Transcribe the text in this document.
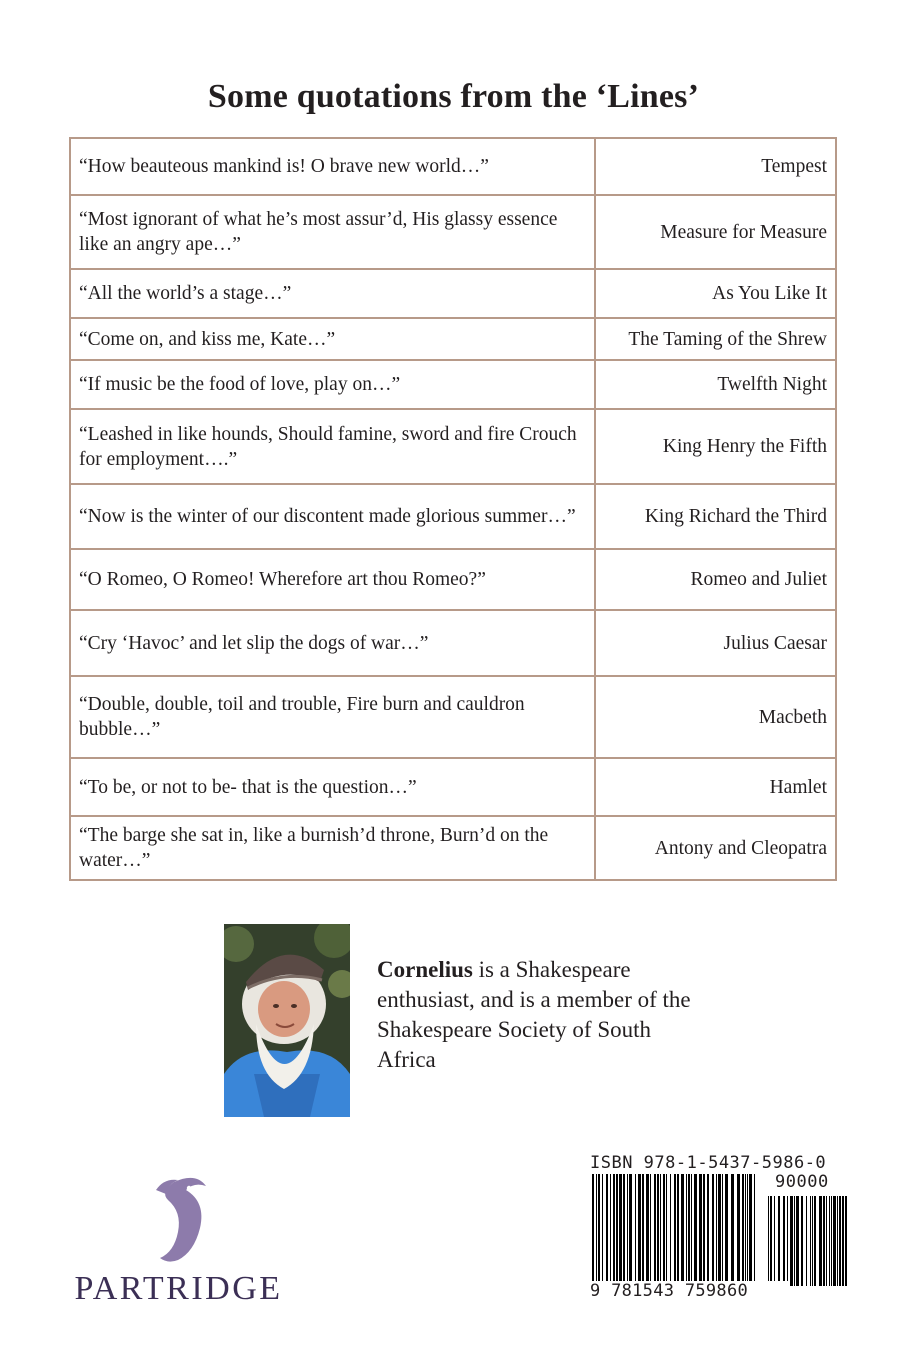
Some quotations from the ‘Lines’
“How beauteous mankind is! O brave new world…”	Tempest
“Most ignorant of what he’s most assur’d, His glassy essence like an angry ape…”	Measure for Measure
“All the world’s a stage…”	As You Like It
“Come on, and kiss me, Kate…”	The Taming of the Shrew
“If music be the food of love, play on…”	Twelfth Night
“Leashed in like hounds, Should famine, sword and fire Crouch for employment….”	King Henry the Fifth
“Now is the winter of our discontent made glorious summer…”	King Richard the Third
“O Romeo, O Romeo! Wherefore art thou Romeo?”	Romeo and Juliet
“Cry ‘Havoc’ and let slip the dogs of war…”	Julius Caesar
“Double, double, toil and trouble, Fire burn and cauldron bubble…”	Macbeth
“To be, or not to be- that is the question…”	Hamlet
“The barge she sat in, like a burnish’d throne, Burn’d on the water…”	Antony and Cleopatra
Cornelius is a Shakespeare enthusiast, and is a member of the Shakespeare Society of South Africa
PARTRIDGE
ISBN 978-1-5437-5986-0
90000
9 781543 759860
